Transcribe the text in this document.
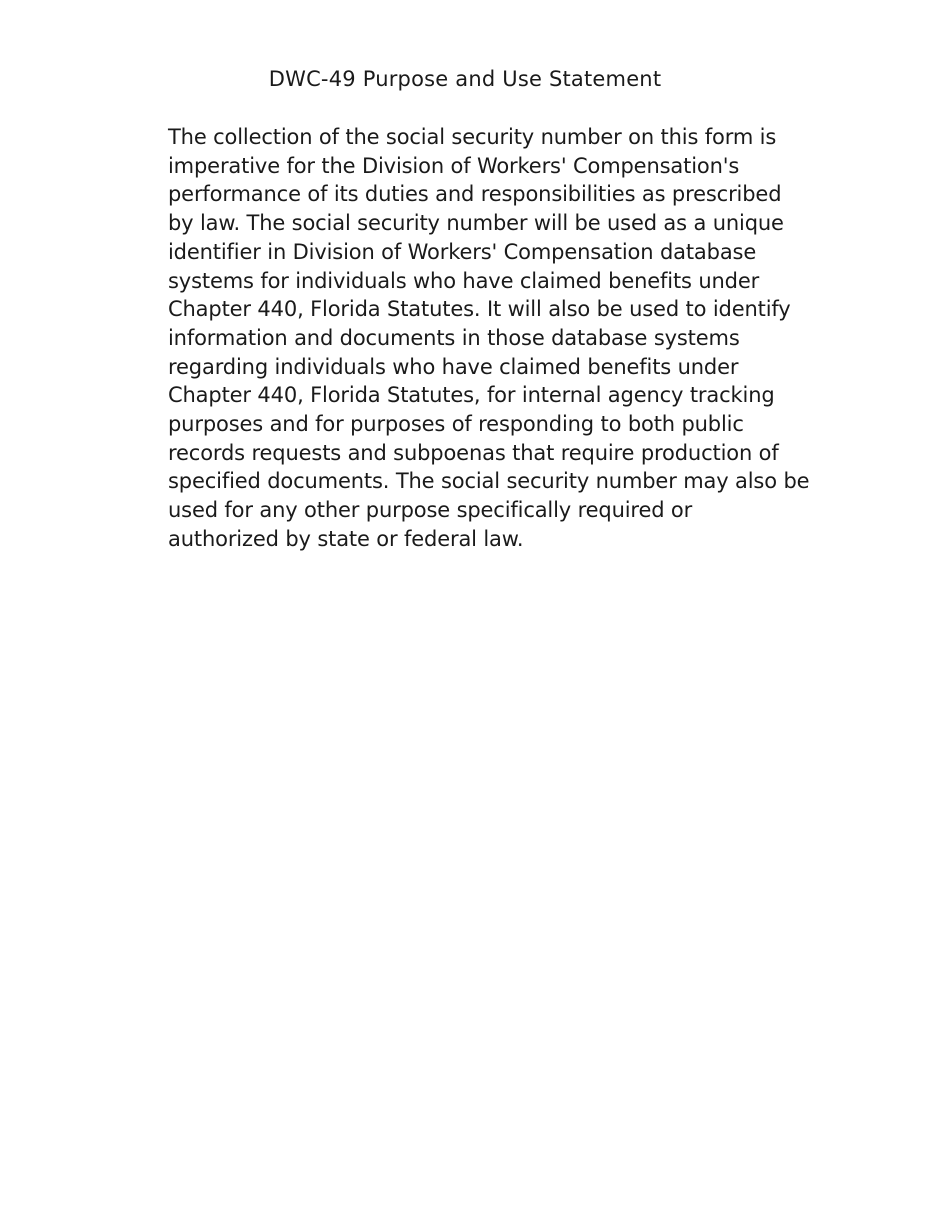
DWC-49 Purpose and Use Statement
The collection of the social security number on this form is
imperative for the Division of Workers' Compensation's
performance of its duties and responsibilities as prescribed
by law. The social security number will be used as a unique
identifier in Division of Workers' Compensation database
systems for individuals who have claimed benefits under
Chapter 440, Florida Statutes. It will also be used to identify
information and documents in those database systems
regarding individuals who have claimed benefits under
Chapter 440, Florida Statutes, for internal agency tracking
purposes and for purposes of responding to both public
records requests and subpoenas that require production of
specified documents. The social security number may also be
used for any other purpose specifically required or
authorized by state or federal law.
